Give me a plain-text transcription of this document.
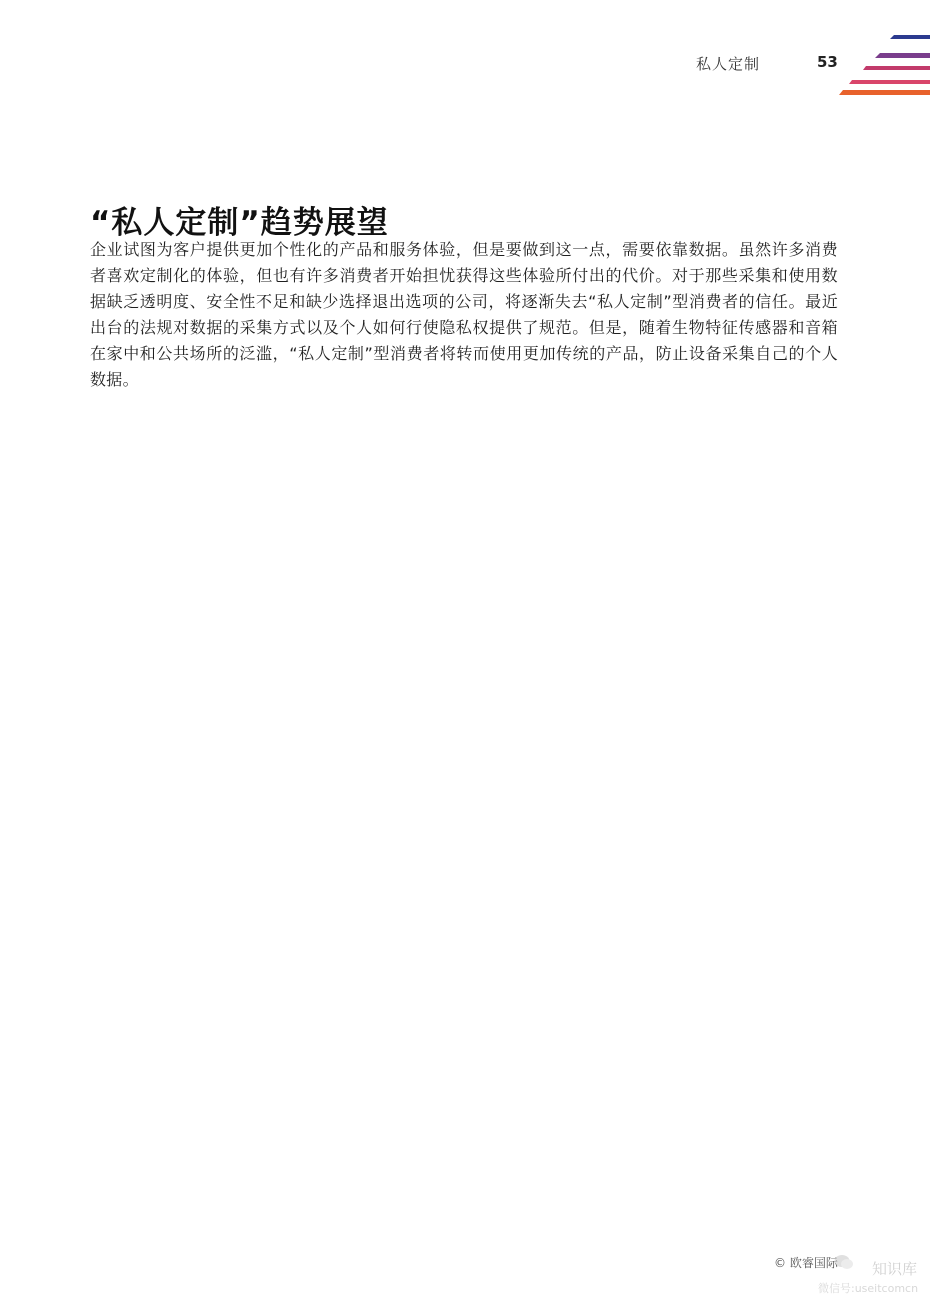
私人定制	53
“私人定制”趋势展望

企业试图为客户提供更加个性化的产品和服务体验，但是要做到这一点，需要依靠数据。虽然许多消费者喜欢定制化的体验，但也有许多消费者开始担忧获得这些体验所付出的代价。对于那些采集和使用数据缺乏透明度、安全性不足和缺少选择退出选项的公司，将逐渐失去“私人定制”型消费者的信任。最近出台的法规对数据的采集方式以及个人如何行使隐私权提供了规范。但是，随着生物特征传感器和音箱在家中和公共场所的泛滥，“私人定制”型消费者将转而使用更加传统的产品，防止设备采集自己的个人数据。

© 欧睿国际 知识库
微信号:useitcomcn
